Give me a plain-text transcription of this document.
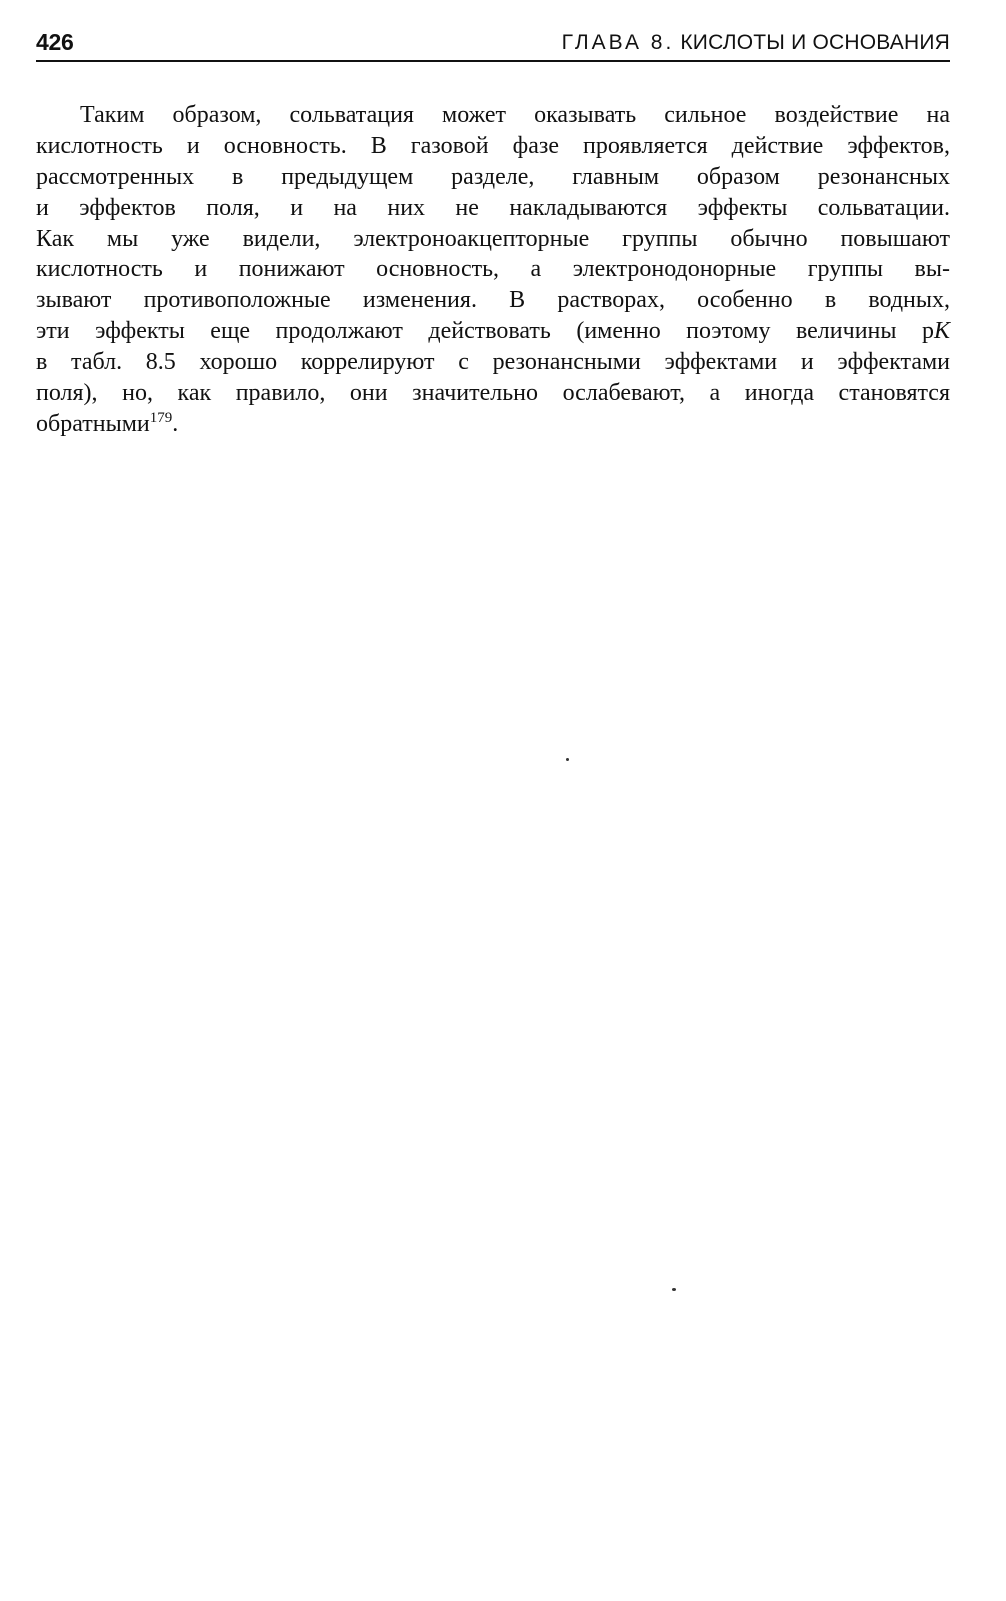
426	ГЛАВА 8. КИСЛОТЫ И ОСНОВАНИЯ
Таким образом, сольватация может оказывать сильное воздействие на
кислотность и основность. В газовой фазе проявляется действие эффектов,
рассмотренных в предыдущем разделе, главным образом резонансных
и эффектов поля, и на них не накладываются эффекты сольватации.
Как мы уже видели, электроноакцепторные группы обычно повышают
кислотность и понижают основность, а электронодонорные группы вы-
зывают противоположные изменения. В растворах, особенно в водных,
эти эффекты еще продолжают действовать (именно поэтому величины pK
в табл. 8.5 хорошо коррелируют с резонансными эффектами и эффектами
поля), но, как правило, они значительно ослабевают, а иногда становятся
обратными$^{179}$.
